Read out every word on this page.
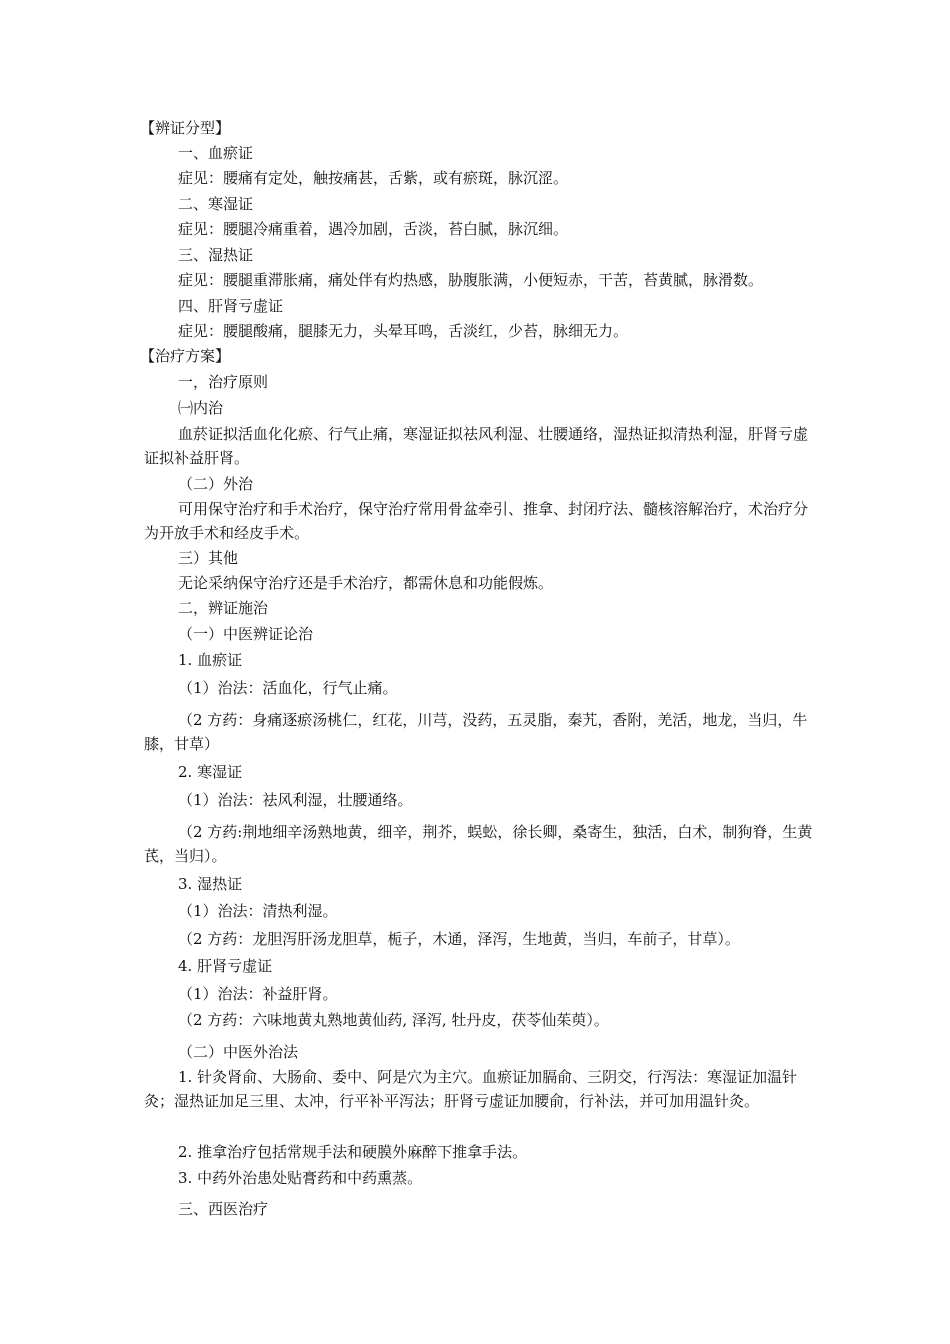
【辨证分型】
一、血瘀证
症见：腰痛有定处，触按痛甚，舌紫，或有瘀斑，脉沉涩。
二、寒湿证
症见：腰腿冷痛重着，遇冷加剧，舌淡，苔白腻，脉沉细。
三、湿热证
症见：腰腿重滞胀痛，痛处伴有灼热感，胁腹胀满，小便短赤，干苦，苔黄腻，脉滑数。
四、肝肾亏虚证
症见：腰腿酸痛，腿膝无力，头晕耳鸣，舌淡红，少苔，脉细无力。
【治疗方案】
一，治疗原则
㈠内治
血菸证拟活血化化瘀、行气止痛，寒湿证拟祛风利湿、壮腰通络，湿热证拟清热利湿，肝肾亏虚证拟补益肝肾。
（二）外治
可用保守治疗和手术治疗，保守治疗常用骨盆牵引、推拿、封闭疗法、髓核溶解治疗，术治疗分为开放手术和经皮手术。
三）其他
无论采纳保守治疗还是手术治疗，都需休息和功能假炼。
二，辨证施治
（一）中医辨证论治
1. 血瘀证
（1）治法：活血化，行气止痛。
（2 方药：身痛逐瘀汤桃仁，红花，川芎，没药，五灵脂，秦艽，香附，羌活，地龙，当归，牛膝，甘草）
2. 寒湿证
（1）治法：祛风利湿，壮腰通络。
（2 方药:荆地细辛汤熟地黄，细辛，荆芥，蜈蚣，徐长卿，桑寄生，独活，白术，制狗脊，生黄芪，当归）。
3. 湿热证
（1）治法：清热利湿。
（2 方药：龙胆泻肝汤龙胆草，栀子，木通，泽泻，生地黄，当归，车前子，甘草）。
4. 肝肾亏虚证
（1）治法：补益肝肾。
（2 方药：六味地黄丸熟地黄仙药, 泽泻, 牡丹皮，茯苓仙茱萸）。
（二）中医外治法
1. 针灸肾俞、大肠俞、委中、阿是穴为主穴。血瘀证加膈俞、三阴交，行泻法：寒湿证加温针灸；湿热证加足三里、太冲，行平补平泻法；肝肾亏虚证加腰俞，行补法，并可加用温针灸。
2. 推拿治疗包括常规手法和硬膜外麻醉下推拿手法。
3. 中药外治患处贴膏药和中药熏蒸。
三、西医治疗
